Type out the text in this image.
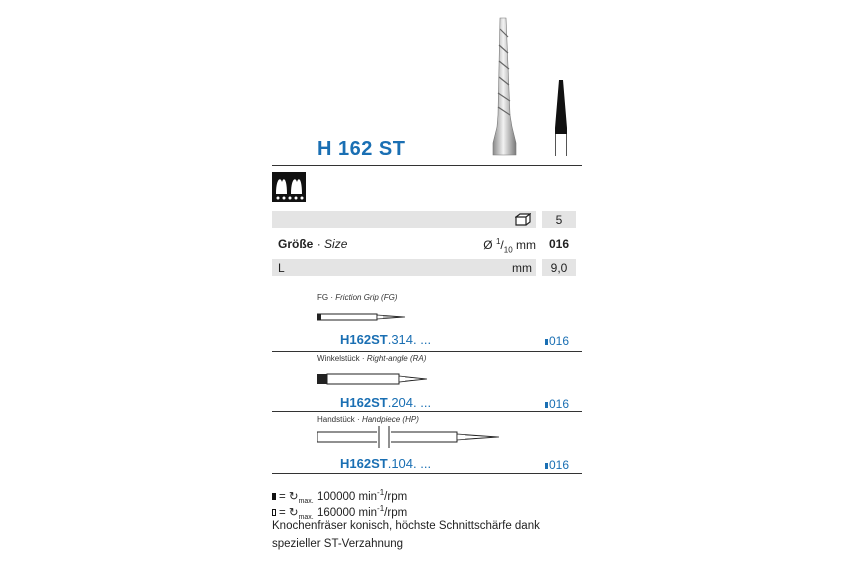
H 162 ST
5
Größe · Size	Ø $^1/_{10}$ mm	016
L	mm	9,0
FG · Friction Grip (FG)
H162ST.314. ...	016
Winkelstück · Right-angle (RA)
H162ST.204. ...	016
Handstück · Handpiece (HP)
H162ST.104. ...	016
= $↻_{max.}$ 100000 $\min^{-1}$/rpm
= $↻_{max.}$ 160000 $\min^{-1}$/rpm
Knochenfräser konisch, höchste Schnittschärfe dank
spezieller ST-Verzahnung
